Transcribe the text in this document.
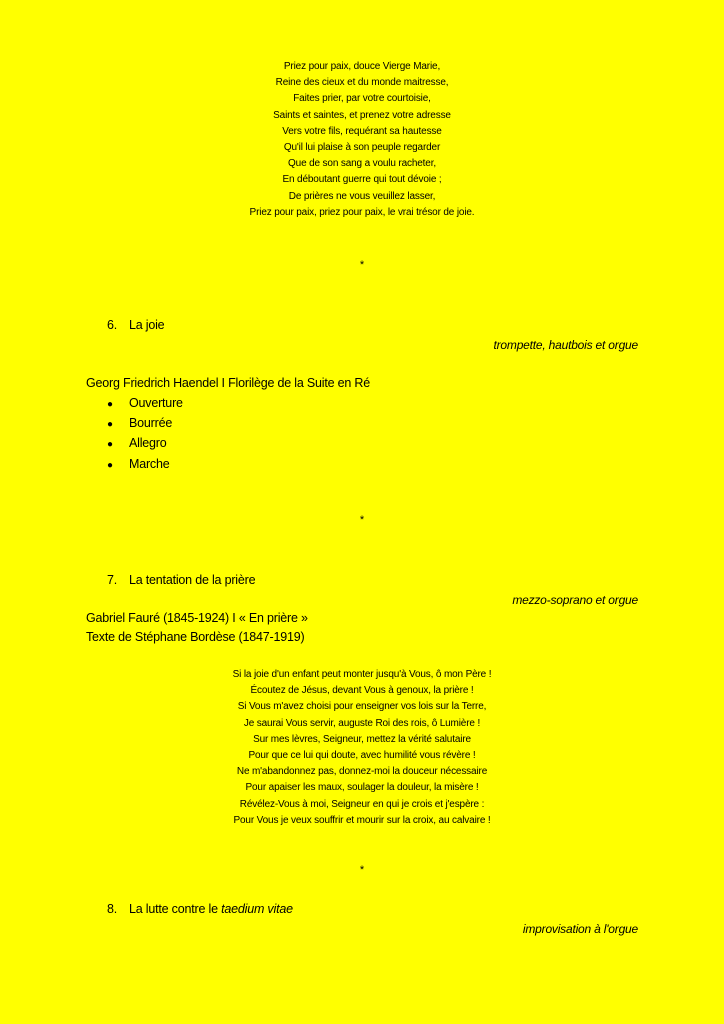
Priez pour paix, douce Vierge Marie,
Reine des cieux et du monde maitresse,
Faites prier, par votre courtoisie,
Saints et saintes, et prenez votre adresse
Vers votre fils, requérant sa hautesse
Qu'il lui plaise à son peuple regarder
Que de son sang a voulu racheter,
En déboutant guerre qui tout dévoie ;
De prières ne vous veuillez lasser,
Priez pour paix, priez pour paix, le vrai trésor de joie.
*
6. La joie
trompette, hautbois et orgue
Georg Friedrich Haendel I Florilège de la Suite en Ré
● Ouverture
● Bourrée
● Allegro
● Marche
*
7. La tentation de la prière
mezzo-soprano et orgue
Gabriel Fauré (1845-1924) I « En prière »
Texte de Stéphane Bordèse (1847-1919)
Si la joie d'un enfant peut monter jusqu'à Vous, ô mon Père !
Écoutez de Jésus, devant Vous à genoux, la prière !
Si Vous m'avez choisi pour enseigner vos lois sur la Terre,
Je saurai Vous servir, auguste Roi des rois, ô Lumière !
Sur mes lèvres, Seigneur, mettez la vérité salutaire
Pour que ce lui qui doute, avec humilité vous révère !
Ne m'abandonnez pas, donnez-moi la douceur nécessaire
Pour apaiser les maux, soulager la douleur, la misère !
Révélez-Vous à moi, Seigneur en qui je crois et j'espère :
Pour Vous je veux souffrir et mourir sur la croix, au calvaire !
*
8. La lutte contre le taedium vitae
improvisation à l'orgue
